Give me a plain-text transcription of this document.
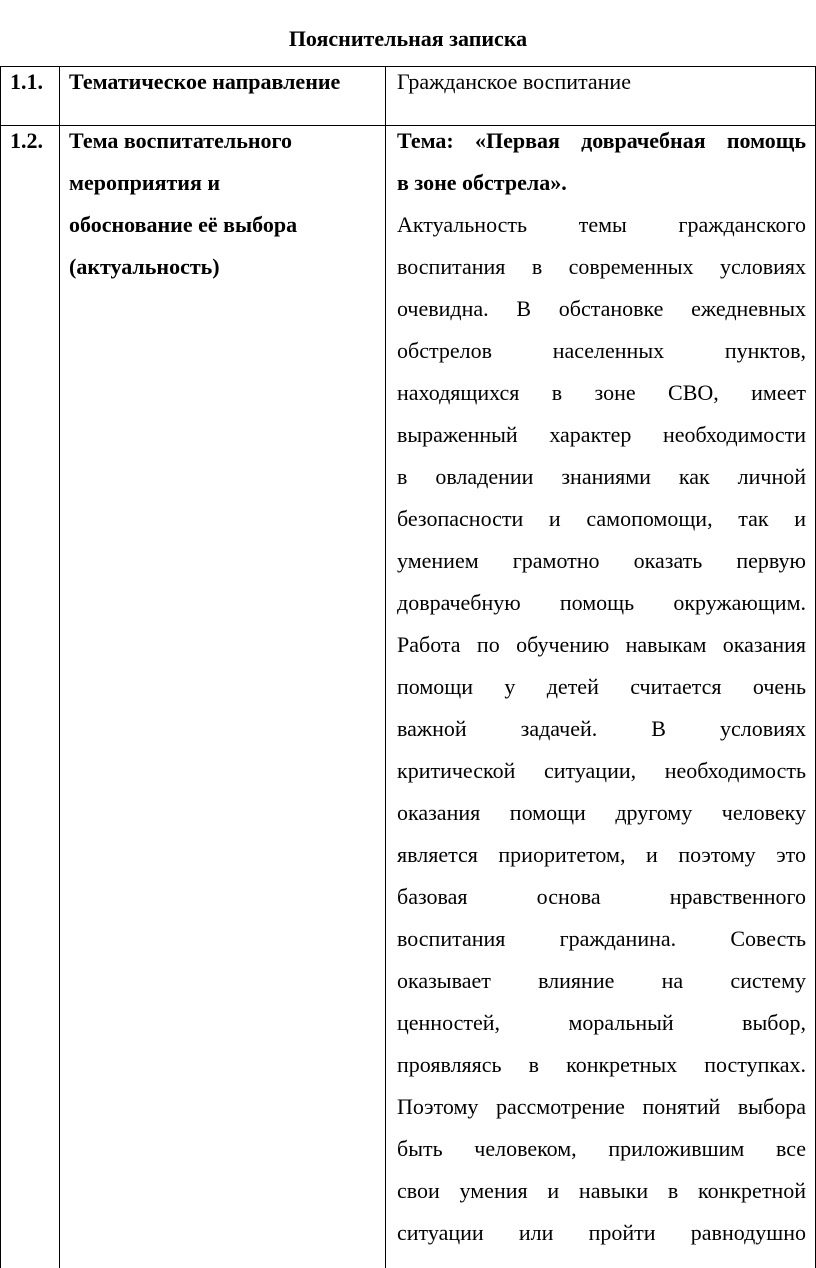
Пояснительная записка
1.1. Тематическое направление	Гражданское воспитание
1.2. Тема воспитательного
мероприятия и
обоснование её выбора
(актуальность)
Тема: «Первая доврачебная помощь
в зоне обстрела».
Актуальность темы гражданского
воспитания в современных условиях
очевидна. В обстановке ежедневных
обстрелов населенных пунктов,
находящихся в зоне СВО, имеет
выраженный характер необходимости
в овладении знаниями как личной
безопасности и самопомощи, так и
умением грамотно оказать первую
доврачебную помощь окружающим.
Работа по обучению навыкам оказания
помощи у детей считается очень
важной задачей. В условиях
критической ситуации, необходимость
оказания помощи другому человеку
является приоритетом, и поэтому это
базовая основа нравственного
воспитания гражданина. Совесть
оказывает влияние на систему
ценностей, моральный выбор,
проявляясь в конкретных поступках.
Поэтому рассмотрение понятий выбора
быть человеком, приложившим все
свои умения и навыки в конкретной
ситуации или пройти равнодушно
